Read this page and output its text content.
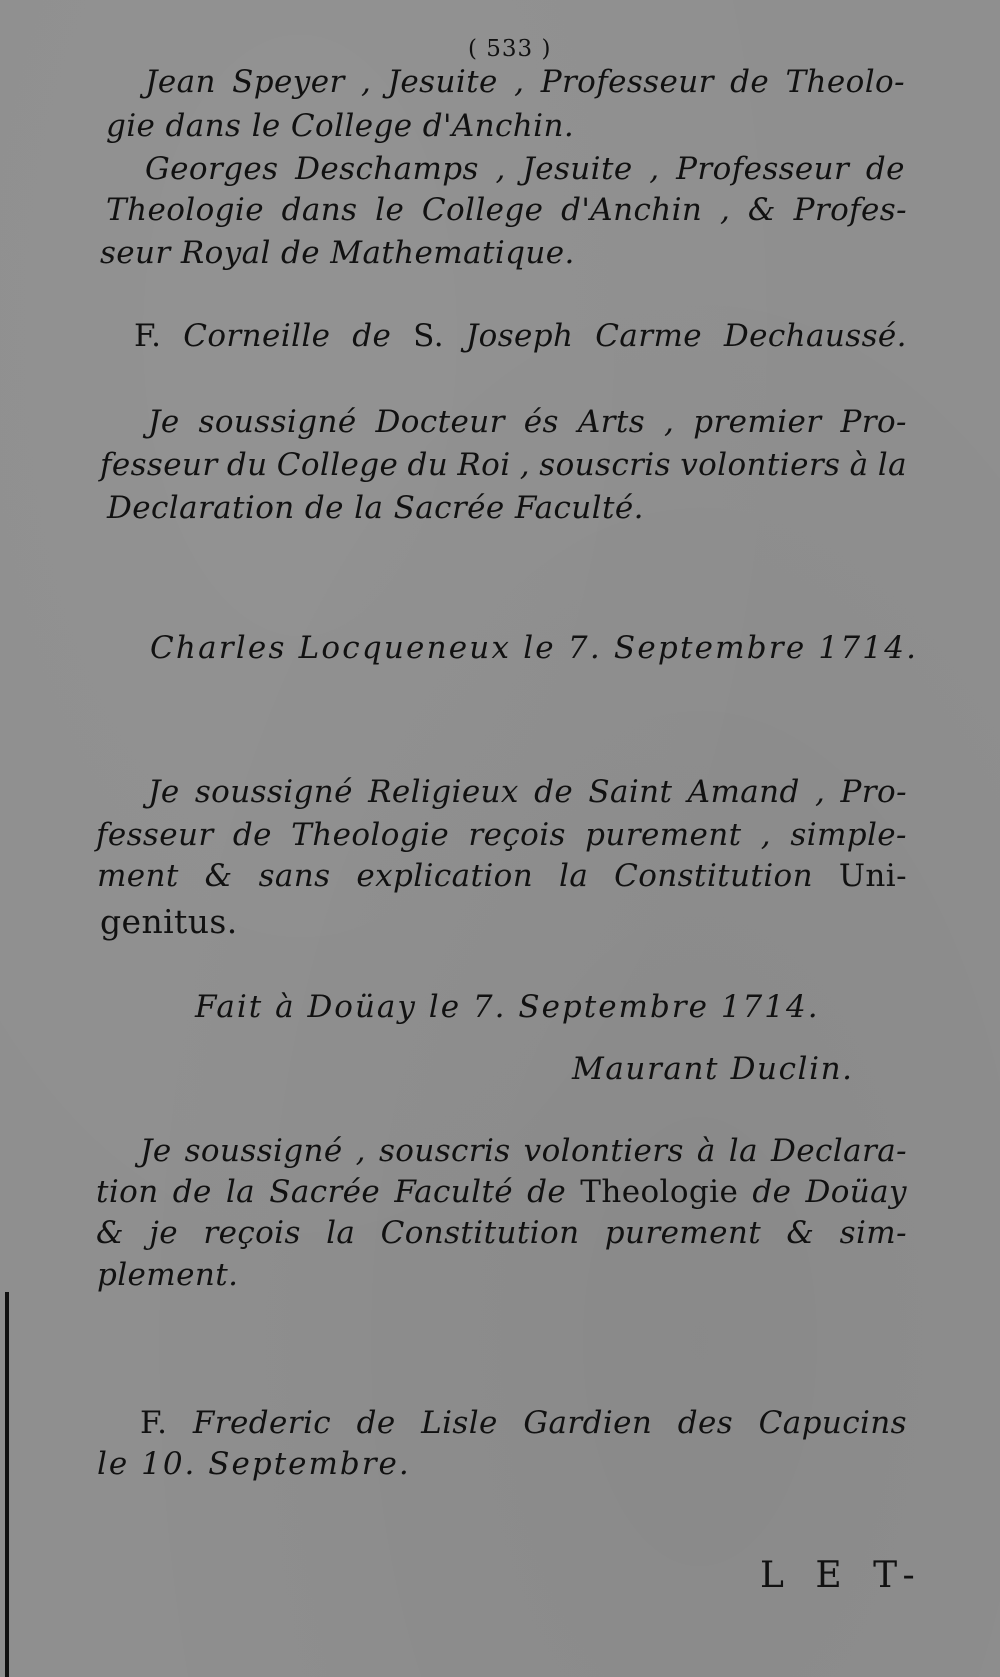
( 533 )
Jean Speyer , Jesuite , Professeur de Theolo-
gie dans le College d'Anchin.
Georges Deschamps , Jesuite , Professeur de
Theologie dans le College d'Anchin , & Profes-
seur Royal de Mathematique.
F. Corneille de S. Joseph Carme Dechaussé.
Je soussigné Docteur és Arts , premier Pro-
fesseur du College du Roi , souscris volontiers à la
Declaration de la Sacrée Faculté.
Charles Locqueneux le 7. Septembre 1714.
Je soussigné Religieux de Saint Amand , Pro-
fesseur de Theologie reçois purement , simple-
ment & sans explication la Constitution Uni-
genitus.
Fait à Doüay le 7. Septembre 1714.
Maurant Duclin.
Je soussigné , souscris volontiers à la Declara-
tion de la Sacrée Faculté de Theologie de Doüay
& je reçois la Constitution purement & sim-
plement.
F. Frederic de Lisle Gardien des Capucins
le 10. Septembre.
L E T-
